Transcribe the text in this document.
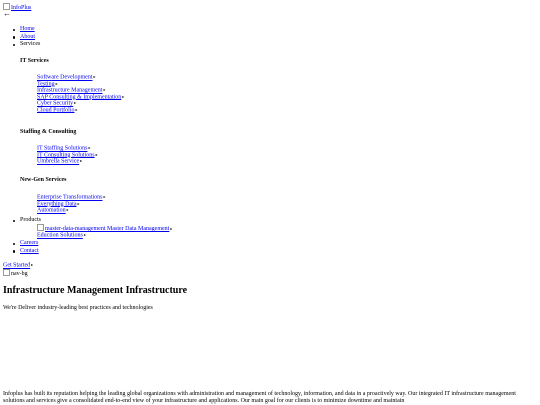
InfoPlus
←
Home
About
Services
IT Services
Software Development▸
Testing▸
Infrastructure Management▸
SAP Consulting & Implementation▸
Cyber Security▸
Cloud Portfolio▸
Staffing & Consulting
IT Staffing Solutions▸
IT Consulting Solutions▸
Umbrella Service▸
New-Gen Services
Enterprise Transformations▸
Everything Data▸
Automation▸
Products
master-data-management Master Data Management▸
Eduction Solutions▸
Careers
Contact
Get Started▸
nav-bg
Infrastructure Management Infrastructure
We're Deliver industry-leading best practices and technologies
Infoplus has built its reputation helping the leading global organizations with administration and management of technology, information, and data in a proactively way. Our integrated IT infrastructure management solutions and services give a consolidated end-to-end view of your infrastructure and applications. Our main goal for our clients is to minimize downtime and maintain
